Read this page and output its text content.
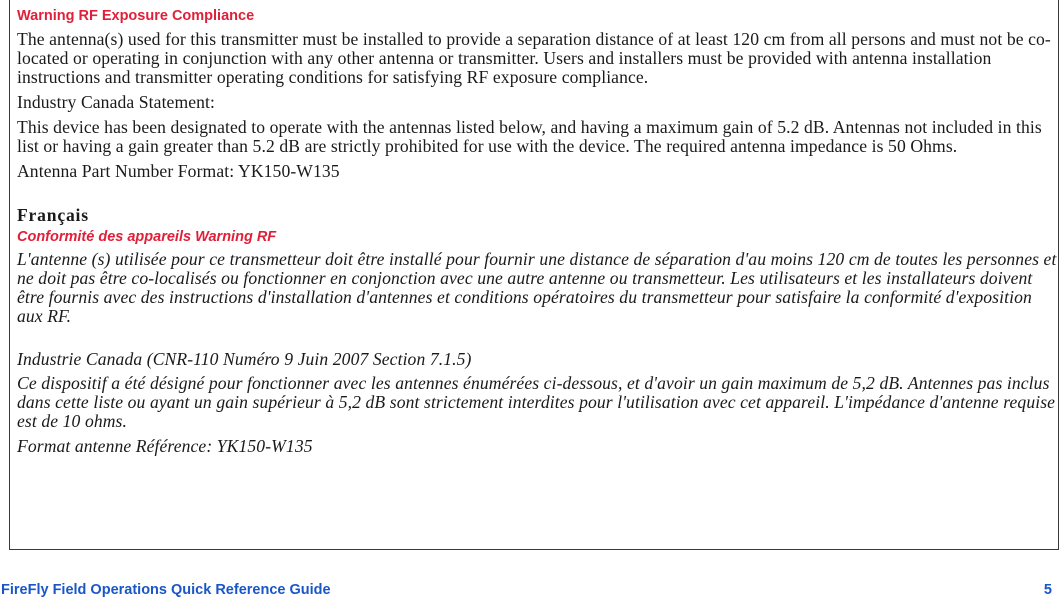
Warning RF Exposure Compliance
The antenna(s) used for this transmitter must be installed to provide a separation distance of at least 120 cm from all persons and must not be co-located or operating in conjunction with any other antenna or transmitter. Users and installers must be provided with antenna installation instructions and transmitter operating conditions for satisfying RF exposure compliance.
Industry Canada Statement:
This device has been designated to operate with the antennas listed below, and having a maximum gain of 5.2 dB. Antennas not included in this list or having a gain greater than 5.2 dB are strictly prohibited for use with the device. The required antenna impedance is 50 Ohms.
Antenna Part Number Format: YK150-W135
Français
Conformité des appareils Warning RF
L'antenne (s) utilisée pour ce transmetteur doit être installé pour fournir une distance de séparation d'au moins 120 cm de toutes les personnes et ne doit pas être co-localisés ou fonctionner en conjonction avec une autre antenne ou transmetteur. Les utilisateurs et les installateurs doivent être fournis avec des instructions d'installation d'antennes et conditions opératoires du transmetteur pour satisfaire la conformité d'exposition aux RF.
Industrie Canada (CNR-110 Numéro 9 Juin 2007 Section 7.1.5)
Ce dispositif a été désigné pour fonctionner avec les antennes énumérées ci-dessous, et d'avoir un gain maximum de 5,2 dB. Antennes pas inclus dans cette liste ou ayant un gain supérieur à 5,2 dB sont strictement interdites pour l'utilisation avec cet appareil. L'impédance d'antenne requise est de 10 ohms.
Format antenne Référence: YK150-W135
FireFly Field Operations Quick Reference Guide	5
